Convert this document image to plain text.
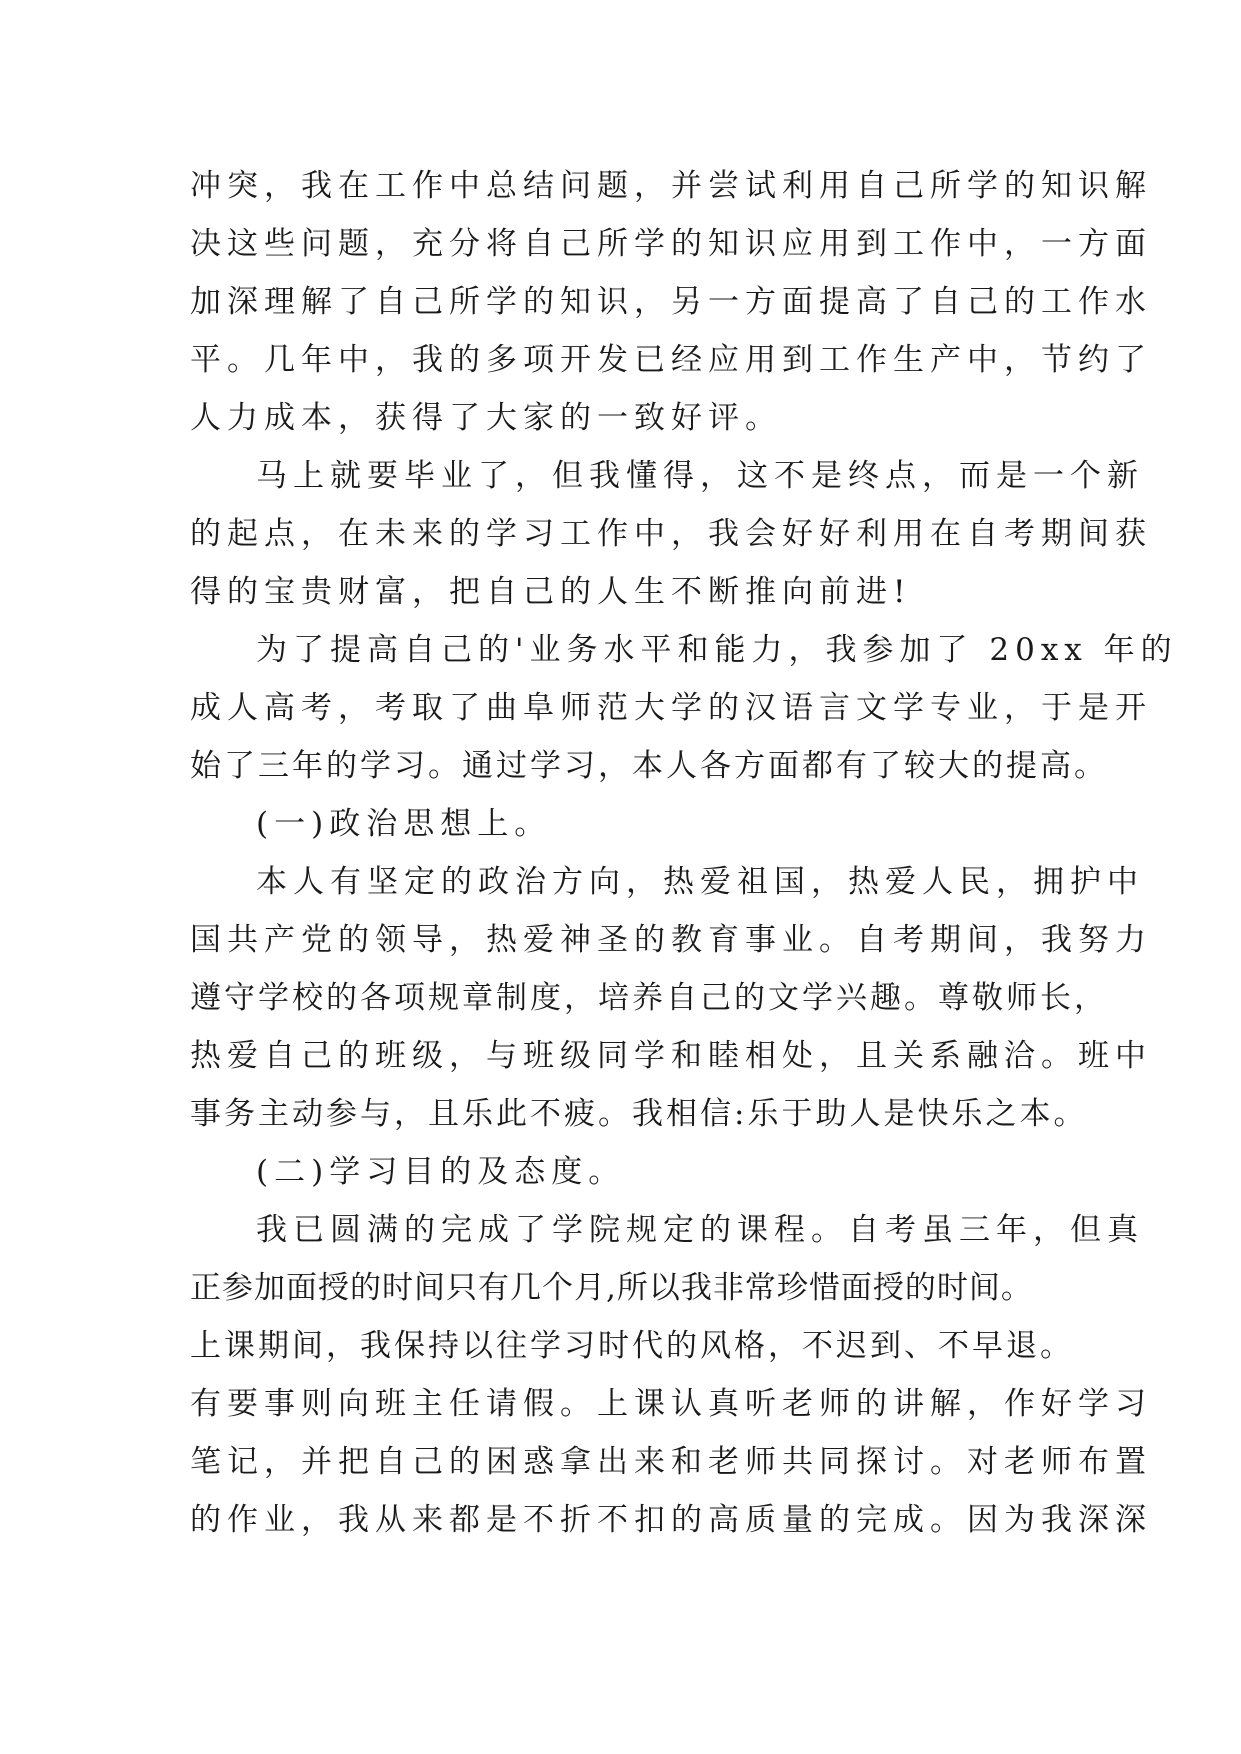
冲突，我在工作中总结问题，并尝试利用自己所学的知识解
决这些问题，充分将自己所学的知识应用到工作中，一方面
加深理解了自己所学的知识，另一方面提高了自己的工作水
平。几年中，我的多项开发已经应用到工作生产中，节约了
人力成本，获得了大家的一致好评。
马上就要毕业了，但我懂得，这不是终点，而是一个新
的起点，在未来的学习工作中，我会好好利用在自考期间获
得的宝贵财富，把自己的人生不断推向前进!
为了提高自己的'业务水平和能力，我参加了 20xx 年的
成人高考，考取了曲阜师范大学的汉语言文学专业，于是开
始了三年的学习。通过学习，本人各方面都有了较大的提高。
(一)政治思想上。
本人有坚定的政治方向，热爱祖国，热爱人民，拥护中
国共产党的领导，热爱神圣的教育事业。自考期间，我努力
遵守学校的各项规章制度，培养自己的文学兴趣。尊敬师长，
热爱自己的班级，与班级同学和睦相处，且关系融洽。班中
事务主动参与，且乐此不疲。我相信:乐于助人是快乐之本。
(二)学习目的及态度。
我已圆满的完成了学院规定的课程。自考虽三年，但真
正参加面授的时间只有几个月,所以我非常珍惜面授的时间。
上课期间，我保持以往学习时代的风格，不迟到、不早退。
有要事则向班主任请假。上课认真听老师的讲解，作好学习
笔记，并把自己的困惑拿出来和老师共同探讨。对老师布置
的作业，我从来都是不折不扣的高质量的完成。因为我深深
